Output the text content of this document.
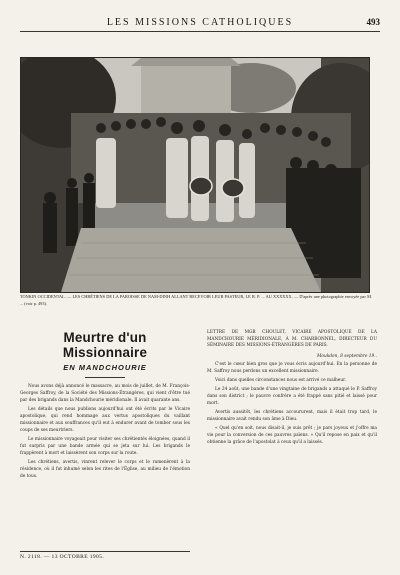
LES MISSIONS CATHOLIQUES	493
TONKIN OCCIDENTAL. — LES CHRÉTIENS DE LA PAROISSE DE NAM-DINH ALLANT RECEVOIR LEUR PASTEUR, LE R. P. ... AU XXXXXX. — D'après une photographie envoyée par M. ... (voir p. 493).
Meurtre d'un Missionnaire
EN MANDCHOURIE

Nous avons déjà annoncé le massacre, au mois de juillet, de M. François-Georges Saffroy, de la Société des Missions-Étrangères, qui vient d'être tué par des brigands dans la Mandchourie méridionale. Il avait quarante ans.

Les détails que nous publions aujourd'hui ont été écrits par le Vicaire apostolique, qui rend hommage aux vertus apostoliques du vaillant missionnaire et aux souffrances qu'il eut à endurer avant de tomber sous les coups de ses meurtriers.

Le missionnaire voyageait pour visiter ses chrétientés éloignées, quand il fut surpris par une bande armée qui se jeta sur lui. Les brigands le frappèrent à mort et laissèrent son corps sur la route.

Les chrétiens, avertis, vinrent relever le corps et le ramenèrent à la résidence, où il fut inhumé selon les rites de l'Église, au milieu de l'émotion de tous.

LETTRE DE MGR CHOULET, VICAIRE APOSTOLIQUE DE LA MANDCHOURIE MÉRIDIONALE, À M. CHARBONNEL, DIRECTEUR DU SÉMINAIRE DES MISSIONS-ÉTRANGÈRES DE PARIS.
Moukden, 8 septembre 19..

C'est le cœur bien gros que je vous écris aujourd'hui. En la personne de M. Saffroy nous perdons un excellent missionnaire.

Voici dans quelles circonstances nous est arrivé ce malheur.

Le 24 août, une bande d'une vingtaine de brigands a attaqué le P. Saffroy dans son district ; le pauvre confrère a été frappé sans pitié et laissé pour mort.

Avertis aussitôt, les chrétiens accoururent, mais il était trop tard, le missionnaire avait rendu son âme à Dieu.

« Quel qu'en soit, nous disait-il, je suis prêt ; je pars joyeux et j'offre ma vie pour la conversion de ces pauvres païens. » Qu'il repose en paix et qu'il obtienne la grâce de l'apostolat à ceux qu'il a laissés.

N. 2118. — 13 OCTOBRE 1905.
